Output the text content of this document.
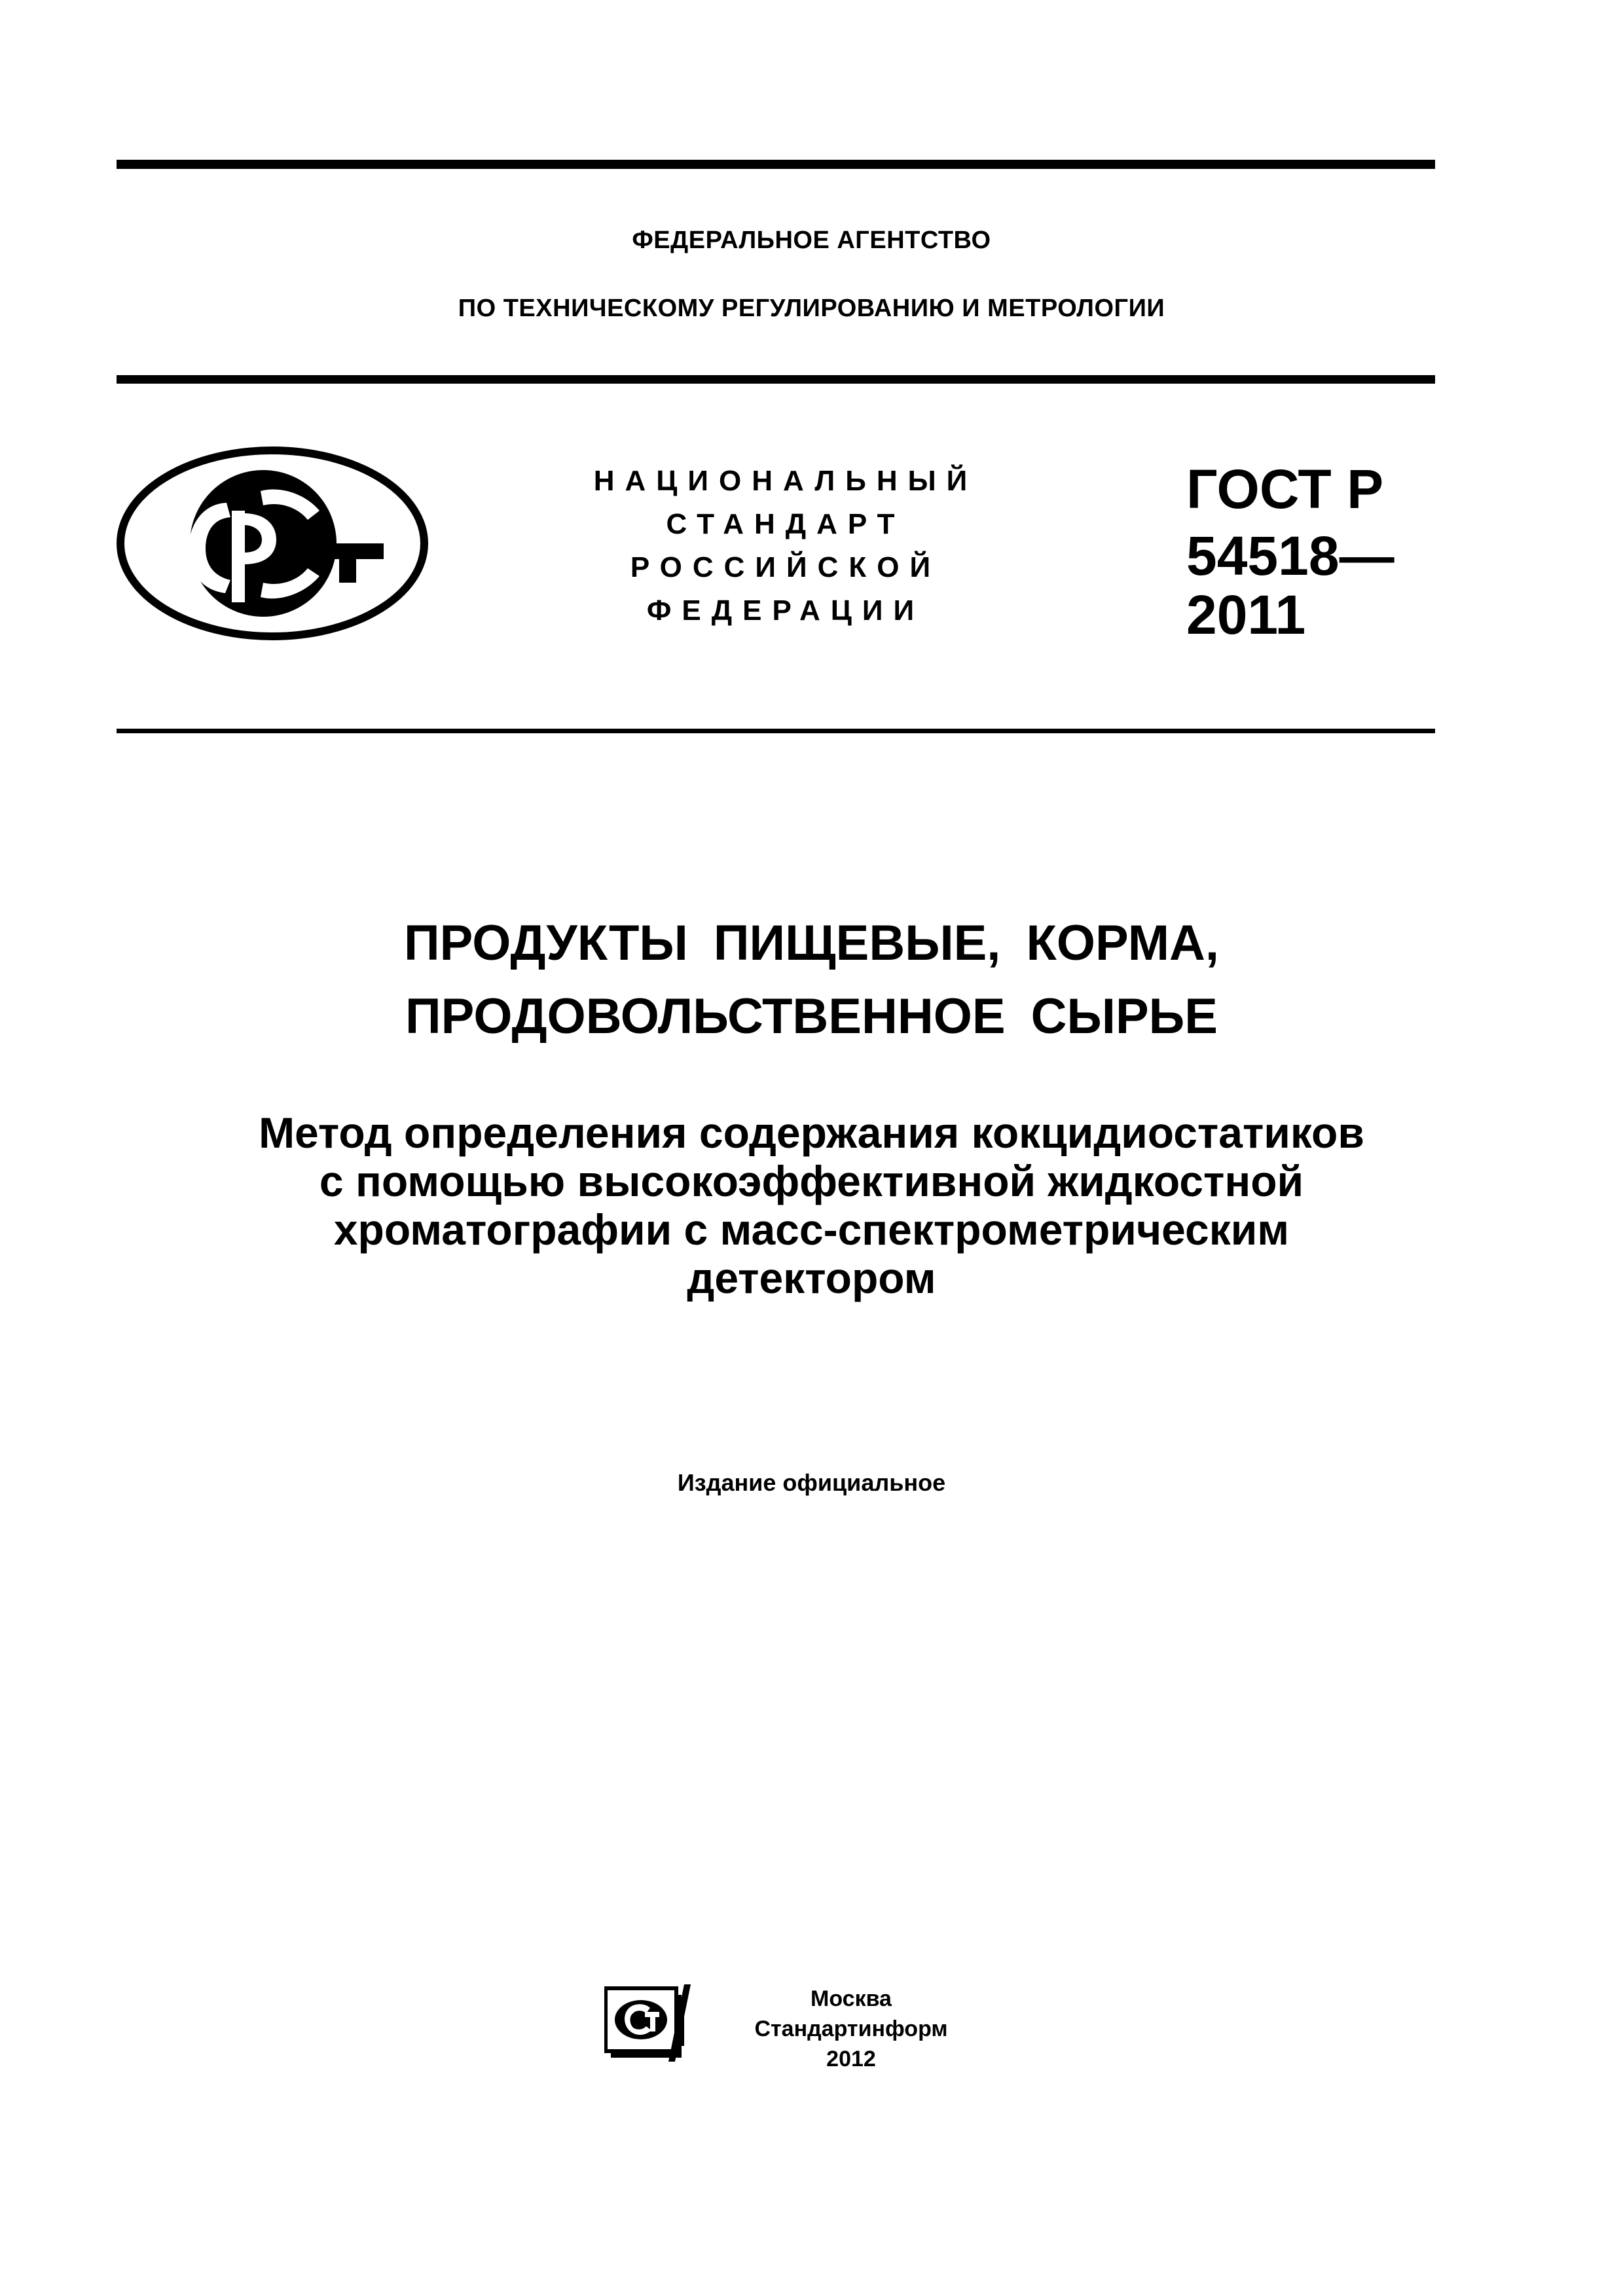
ФЕДЕРАЛЬНОЕ АГЕНТСТВО
ПО ТЕХНИЧЕСКОМУ РЕГУЛИРОВАНИЮ И МЕТРОЛОГИИ
НАЦИОНАЛЬНЫЙ
СТАНДАРТ
РОССИЙСКОЙ
ФЕДЕРАЦИИ
ГОСТ Р
54518—
2011
ПРОДУКТЫ ПИЩЕВЫЕ, КОРМА,
ПРОДОВОЛЬСТВЕННОЕ СЫРЬЕ
Метод определения содержания кокцидиостатиков
с помощью высокоэффективной жидкостной
хроматографии с масс-спектрометрическим
детектором
Издание официальное
Москва
Стандартинформ
2012
